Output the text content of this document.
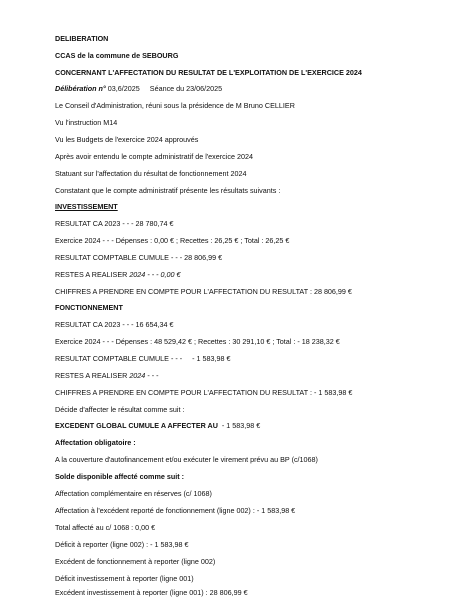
DELIBERATION
CCAS de la commune de SEBOURG
CONCERNANT L'AFFECTATION DU RESULTAT DE L'EXPLOITATION DE L'EXERCICE 2024
Délibération n° 03,6/2025 Séance du 23/06/2025
Le Conseil d'Administration, réuni sous la présidence de M Bruno CELLIER
Vu l'instruction M14
Vu les Budgets de l'exercice 2024 approuvés
Après avoir entendu le compte administratif de l'exercice 2024
Statuant sur l'affectation du résultat de fonctionnement 2024
Constatant que le compte administratif présente les résultats suivants :
INVESTISSEMENT
RESULTAT CA 2023 - - - 28 780,74 €
Exercice 2024 - - - Dépenses : 0,00 € ; Recettes : 26,25 € ; Total : 26,25 €
RESULTAT COMPTABLE CUMULE - - - 28 806,99 €
RESTES A REALISER 2024 - - - 0,00 €
CHIFFRES A PRENDRE EN COMPTE POUR L'AFFECTATION DU RESULTAT : 28 806,99 €
FONCTIONNEMENT
RESULTAT CA 2023 - - - 16 654,34 €
Exercice 2024 - - - Dépenses : 48 529,42 € ; Recettes : 30 291,10 € ; Total : - 18 238,32 €
RESULTAT COMPTABLE CUMULE - - - - 1 583,98 €
RESTES A REALISER 2024 - - -
CHIFFRES A PRENDRE EN COMPTE POUR L'AFFECTATION DU RESULTAT : - 1 583,98 €
Décide d'affecter le résultat comme suit :
EXCEDENT GLOBAL CUMULE A AFFECTER AU - 1 583,98 €
Affectation obligatoire :
A la couverture d'autofinancement et/ou exécuter le virement prévu au BP (c/1068)
Solde disponible affecté comme suit :
Affectation complémentaire en réserves (c/ 1068)
Affectation à l'excédent reporté de fonctionnement (ligne 002) : - 1 583,98 €
Total affecté au c/ 1068 : 0,00 €
Déficit à reporter (ligne 002) : - 1 583,98 €
Excédent de fonctionnement à reporter (ligne 002)
Déficit investissement à reporter (ligne 001)
Excédent investissement à reporter (ligne 001) : 28 806,99 €
